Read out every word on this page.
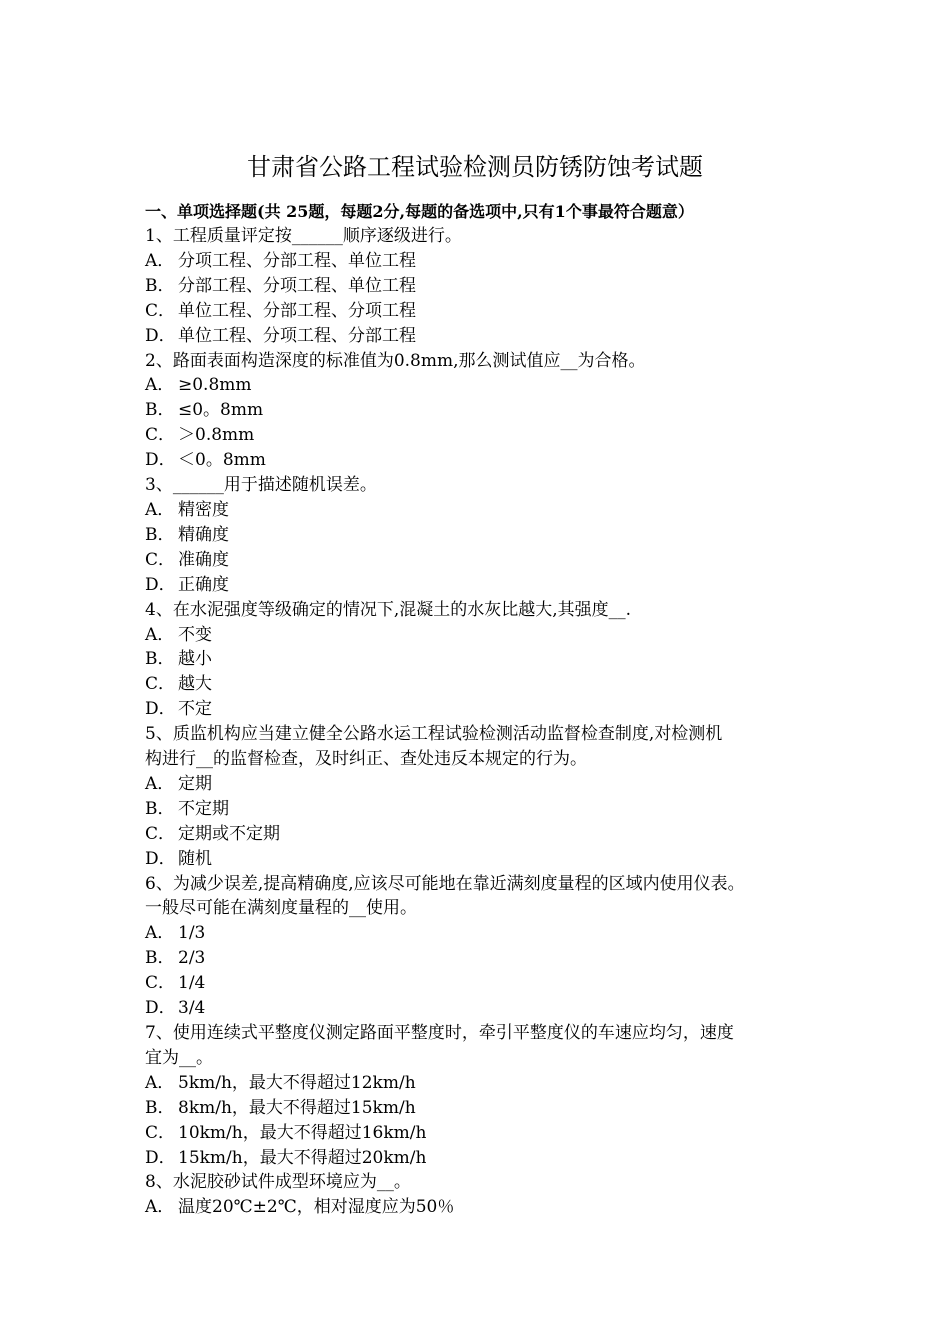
甘肃省公路工程试验检测员防锈防蚀考试题
一、单项选择题(共 25题，每题2分,每题的备选项中,只有1个事最符合题意）
1、工程质量评定按______顺序逐级进行。
A． 分项工程、分部工程、单位工程
B． 分部工程、分项工程、单位工程
C． 单位工程、分部工程、分项工程
D． 单位工程、分项工程、分部工程
2、路面表面构造深度的标准值为0.8mm,那么测试值应__为合格。
A． ≥0.8mm
B． ≤0。8mm
C． ＞0.8mm
D． ＜0。8mm
3、______用于描述随机误差。
A． 精密度
B． 精确度
C． 准确度
D． 正确度
4、在水泥强度等级确定的情况下,混凝土的水灰比越大,其强度__.
A． 不变
B． 越小
C． 越大
D． 不定
5、质监机构应当建立健全公路水运工程试验检测活动监督检查制度,对检测机
构进行__的监督检查，及时纠正、查处违反本规定的行为。
A． 定期
B． 不定期
C． 定期或不定期
D． 随机
6、为减少误差,提高精确度,应该尽可能地在靠近满刻度量程的区域内使用仪表。
一般尽可能在满刻度量程的__使用。
A． 1/3
B． 2/3
C． 1/4
D． 3/4
7、使用连续式平整度仪测定路面平整度时，牵引平整度仪的车速应均匀，速度
宜为__。
A． 5km/h，最大不得超过12km/h
B． 8km/h，最大不得超过15km/h
C． 10km/h，最大不得超过16km/h
D． 15km/h，最大不得超过20km/h
8、水泥胶砂试件成型环境应为__。
A． 温度20℃±2℃，相对湿度应为50％
